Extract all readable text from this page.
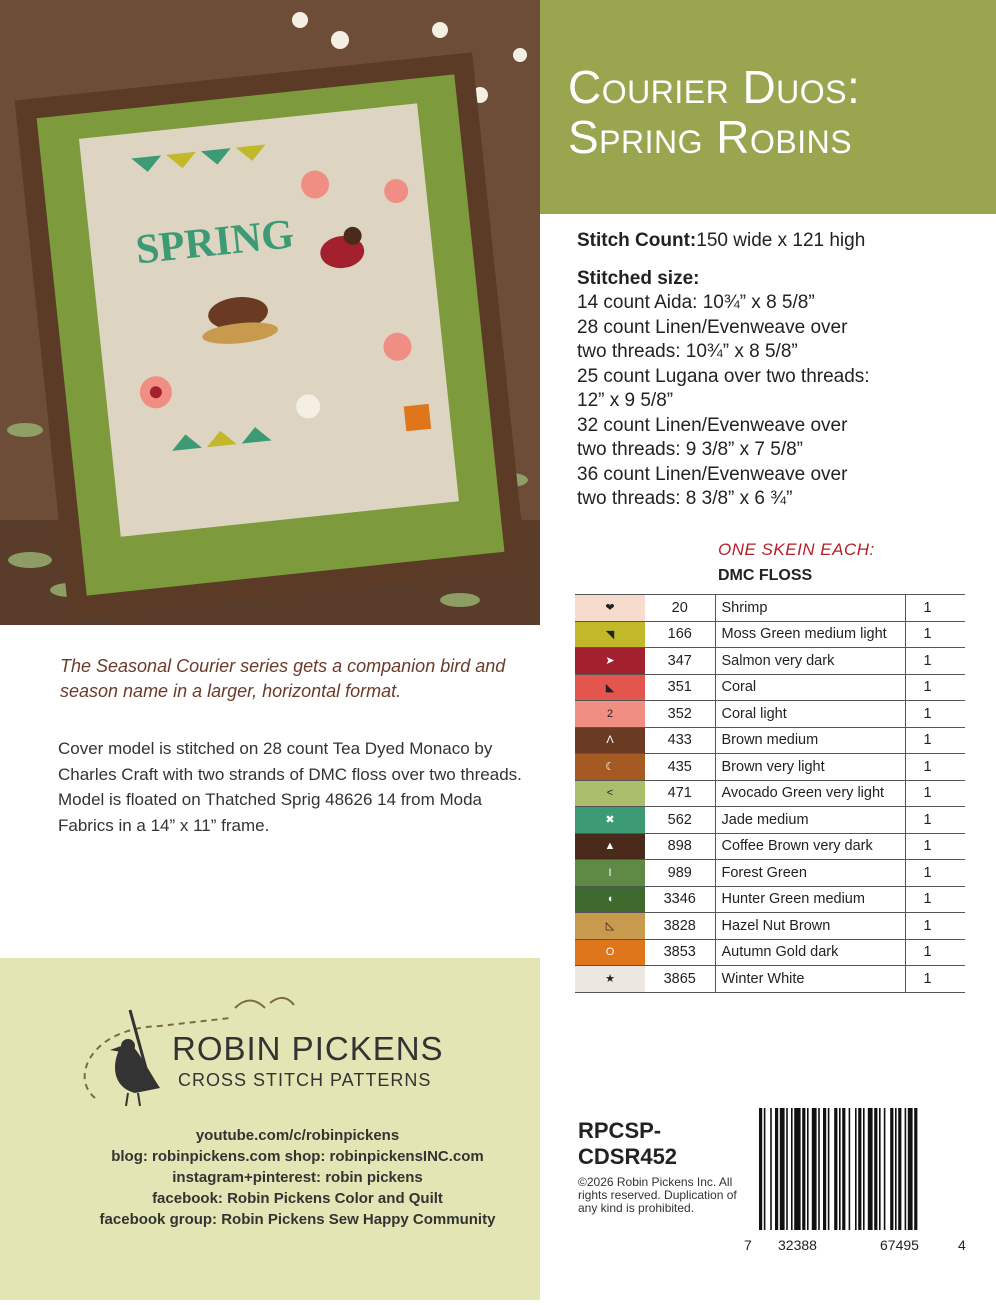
SPRING
Courier Duos:
Spring Robins
Stitch Count:150 wide x 121 high
Stitched size:
14 count Aida: 10¾” x 8 5/8”
28 count Linen/Evenweave over
two threads: 10¾” x 8 5/8”
25 count Lugana over two threads:
12” x 9 5/8”
32 count Linen/Evenweave over
two threads: 9 3/8” x 7 5/8”
36 count Linen/Evenweave over
two threads: 8 3/8” x 6 ¾”
The Seasonal Courier series gets a companion bird and season name in a larger, horizontal format.
Cover model is stitched on 28 count Tea Dyed Monaco by Charles Craft with two strands of DMC floss over two threads. Model is floated on Thatched Sprig 48626 14 from Moda Fabrics in a 14” x 11” frame.
ONE SKEIN EACH:
DMC FLOSS
❤	20	Shrimp	1
◥	166	Moss Green medium light	1
➤	347	Salmon very dark	1
◣	351	Coral	1
2	352	Coral light	1
Λ	433	Brown medium	1
☾	435	Brown very light	1
<	471	Avocado Green very light	1
✖	562	Jade medium	1
▲	898	Coffee Brown very dark	1
I	989	Forest Green	1
◖	3346	Hunter Green medium	1
◺	3828	Hazel Nut Brown	1
O	3853	Autumn Gold dark	1
★	3865	Winter White	1
ROBIN PICKENS
CROSS STITCH PATTERNS
youtube.com/c/robinpickens
blog: robinpickens.com shop: robinpickensINC.com
instagram+pinterest: robin pickens
facebook: Robin Pickens Color and Quilt
facebook group: Robin Pickens Sew Happy Community
RPCSP-
CDSR452
©2026 Robin Pickens Inc. All rights reserved. Duplication of any kind is prohibited.
7 32388	67495	4
